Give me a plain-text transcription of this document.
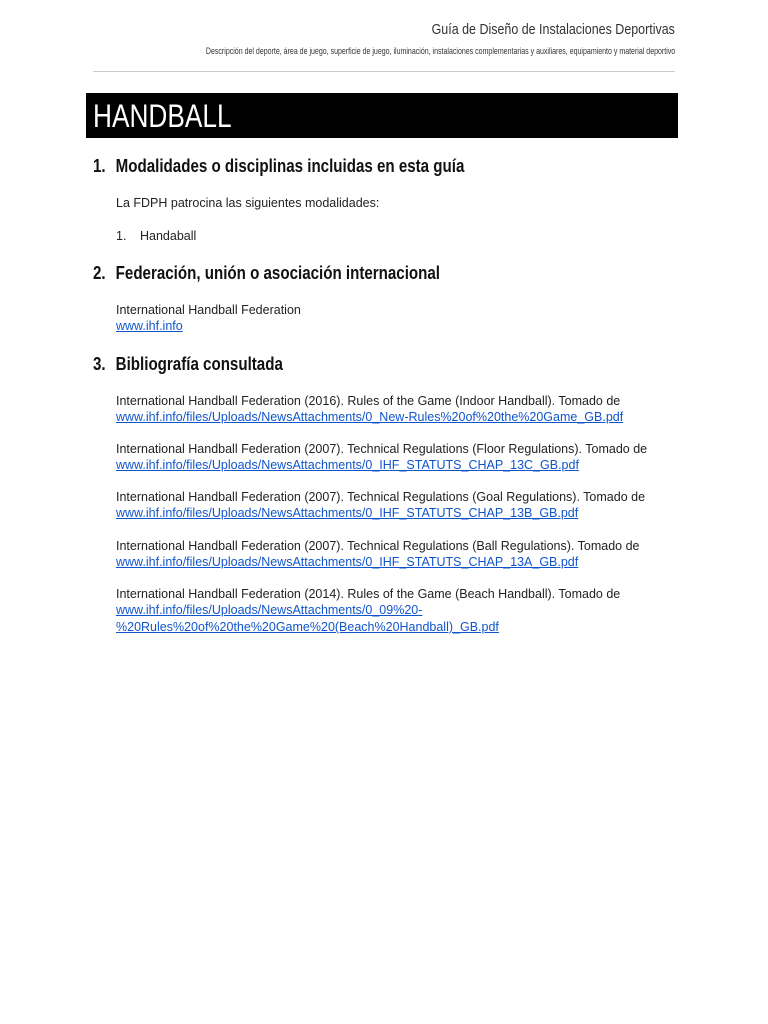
Guía de Diseño de Instalaciones Deportivas
Descripción del deporte, área de juego, superficie de juego, iluminación, instalaciones complementarias y auxiliares, equipamiento y material deportivo
HANDBALL
1. Modalidades o disciplinas incluidas en esta guía
La FDPH patrocina las siguientes modalidades:
1. Handaball
2. Federación, unión o asociación internacional
International Handball Federation
www.ihf.info
3. Bibliografía consultada
International Handball Federation (2016). Rules of the Game (Indoor Handball). Tomado de
www.ihf.info/files/Uploads/NewsAttachments/0_New-Rules%20of%20the%20Game_GB.pdf
International Handball Federation (2007). Technical Regulations (Floor Regulations). Tomado de
www.ihf.info/files/Uploads/NewsAttachments/0_IHF_STATUTS_CHAP_13C_GB.pdf
International Handball Federation (2007). Technical Regulations (Goal Regulations). Tomado de
www.ihf.info/files/Uploads/NewsAttachments/0_IHF_STATUTS_CHAP_13B_GB.pdf
International Handball Federation (2007). Technical Regulations (Ball Regulations). Tomado de
www.ihf.info/files/Uploads/NewsAttachments/0_IHF_STATUTS_CHAP_13A_GB.pdf
International Handball Federation (2014). Rules of the Game (Beach Handball). Tomado de
www.ihf.info/files/Uploads/NewsAttachments/0_09%20-
%20Rules%20of%20the%20Game%20(Beach%20Handball)_GB.pdf
